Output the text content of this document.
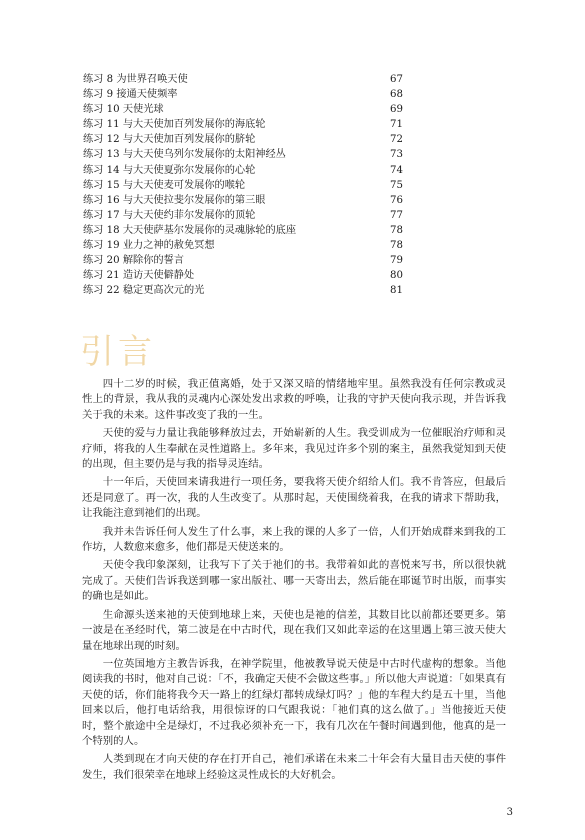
练习 8 为世界召唤天使	67
练习 9 接通天使频率	68
练习 10 天使光球	69
练习 11 与大天使加百列发展你的海底轮	71
练习 12 与大天使加百列发展你的脐轮	72
练习 13 与大天使乌列尔发展你的太阳神经丛	73
练习 14 与大天使夏弥尔发展你的心轮	74
练习 15 与大天使麦可发展你的喉轮	75
练习 16 与大天使拉斐尔发展你的第三眼	76
练习 17 与大天使约菲尔发展你的顶轮	77
练习 18 大天使萨基尔发展你的灵魂脉轮的底座	78
练习 19 业力之神的赦免冥想	78
练习 20 解除你的誓言	79
练习 21 造访天使僻静处	80
练习 22 稳定更高次元的光	81
引言

四十二岁的时候，我正值离婚，处于又深又暗的情绪地牢里。虽然我没有任何宗教或灵性上的背景，我从我的灵魂内心深处发出求救的呼唤，让我的守护天使向我示现，并告诉我关于我的未来。这件事改变了我的一生。

天使的爱与力量让我能够释放过去，开始崭新的人生。我受训成为一位催眠治疗师和灵疗师，将我的人生奉献在灵性道路上。多年来，我见过许多个别的案主，虽然我觉知到天使的出现，但主要仍是与我的指导灵连结。

十一年后，天使回来请我进行一项任务，要我将天使介绍给人们。我不肯答应，但最后还是同意了。再一次，我的人生改变了。从那时起，天使围绕着我，在我的请求下帮助我，让我能注意到祂们的出现。

我并未告诉任何人发生了什么事，来上我的课的人多了一倍，人们开始成群来到我的工作坊，人数愈来愈多，他们都是天使送来的。

天使令我印象深刻，让我写下了关于祂们的书。我带着如此的喜悦来写书，所以很快就完成了。天使们告诉我送到哪一家出版社、哪一天寄出去，然后能在耶诞节时出版，而事实的确也是如此。

生命源头送来祂的天使到地球上来，天使也是祂的信差，其数目比以前都还要更多。第一波是在圣经时代，第二波是在中古时代，现在我们又如此幸运的在这里遇上第三波天使大量在地球出现的时刻。

一位英国地方主教告诉我，在神学院里，他被教导说天使是中古时代虚构的想象。当他阅读我的书时，他对自己说：「不，我确定天使不会做这些事。」所以他大声说道：「如果真有天使的话，你们能将我今天一路上的红绿灯都转成绿灯吗？」他的车程大约是五十里，当他回来以后，他打电话给我，用很惊讶的口气跟我说：「祂们真的这么做了。」当他接近天使时，整个旅途中全是绿灯，不过我必须补充一下，我有几次在午餐时间遇到他，他真的是一个特别的人。

人类到现在才向天使的存在打开自己，祂们承诺在未来二十年会有大量目击天使的事件发生，我们很荣幸在地球上经验这灵性成长的大好机会。

3
